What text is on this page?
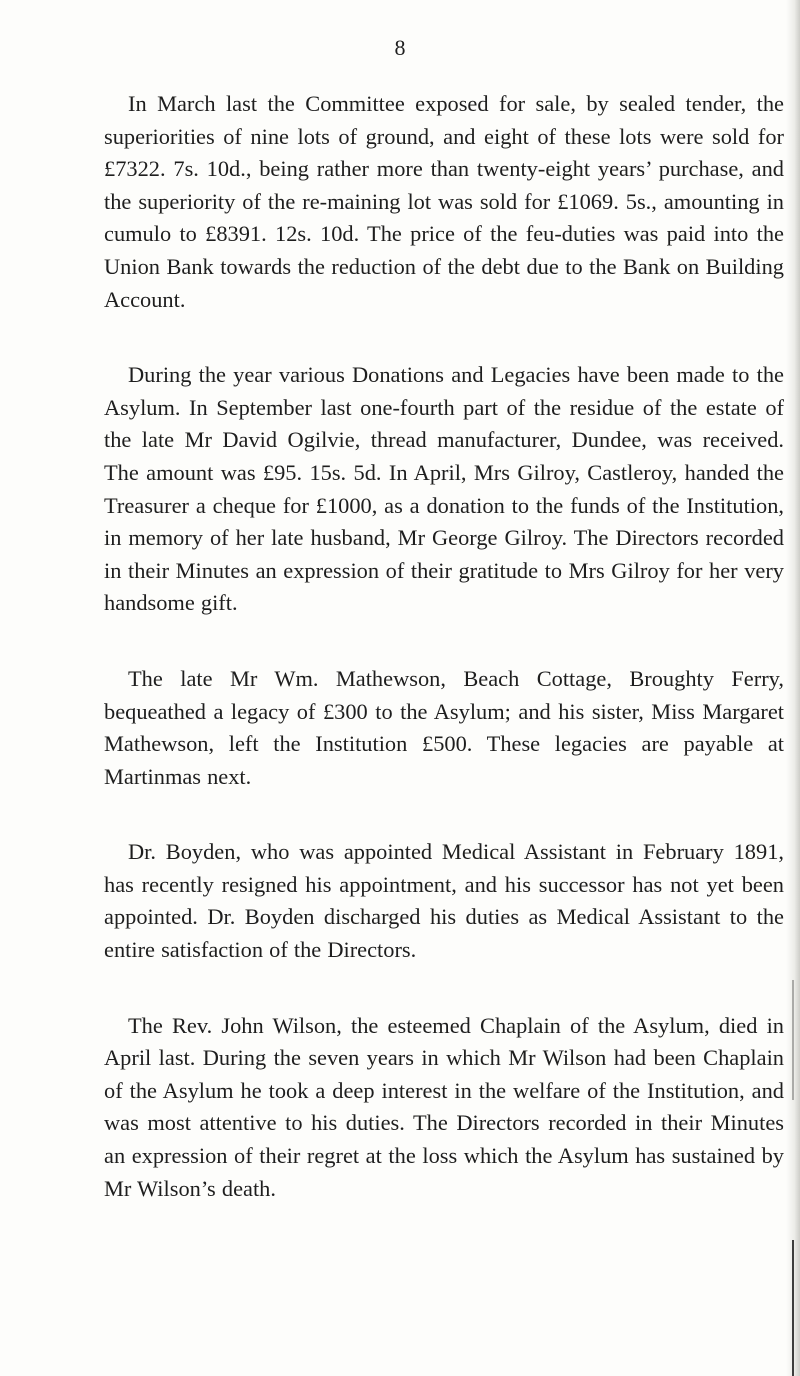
8

In March last the Committee exposed for sale, by sealed tender, the superiorities of nine lots of ground, and eight of these lots were sold for £7322. 7s. 10d., being rather more than twenty-eight years’ purchase, and the superiority of the re-maining lot was sold for £1069. 5s., amounting in cumulo to £8391. 12s. 10d. The price of the feu-duties was paid into the Union Bank towards the reduction of the debt due to the Bank on Building Account.

During the year various Donations and Legacies have been made to the Asylum. In September last one-fourth part of the residue of the estate of the late Mr David Ogilvie, thread manufacturer, Dundee, was received. The amount was £95. 15s. 5d. In April, Mrs Gilroy, Castleroy, handed the Treasurer a cheque for £1000, as a donation to the funds of the Institution, in memory of her late husband, Mr George Gilroy. The Directors recorded in their Minutes an expression of their gratitude to Mrs Gilroy for her very handsome gift.

The late Mr Wm. Mathewson, Beach Cottage, Broughty Ferry, bequeathed a legacy of £300 to the Asylum; and his sister, Miss Margaret Mathewson, left the Institution £500. These legacies are payable at Martinmas next.

Dr. Boyden, who was appointed Medical Assistant in February 1891, has recently resigned his appointment, and his successor has not yet been appointed. Dr. Boyden discharged his duties as Medical Assistant to the entire satisfaction of the Directors.

The Rev. John Wilson, the esteemed Chaplain of the Asylum, died in April last. During the seven years in which Mr Wilson had been Chaplain of the Asylum he took a deep interest in the welfare of the Institution, and was most attentive to his duties. The Directors recorded in their Minutes an expression of their regret at the loss which the Asylum has sustained by Mr Wilson’s death.
